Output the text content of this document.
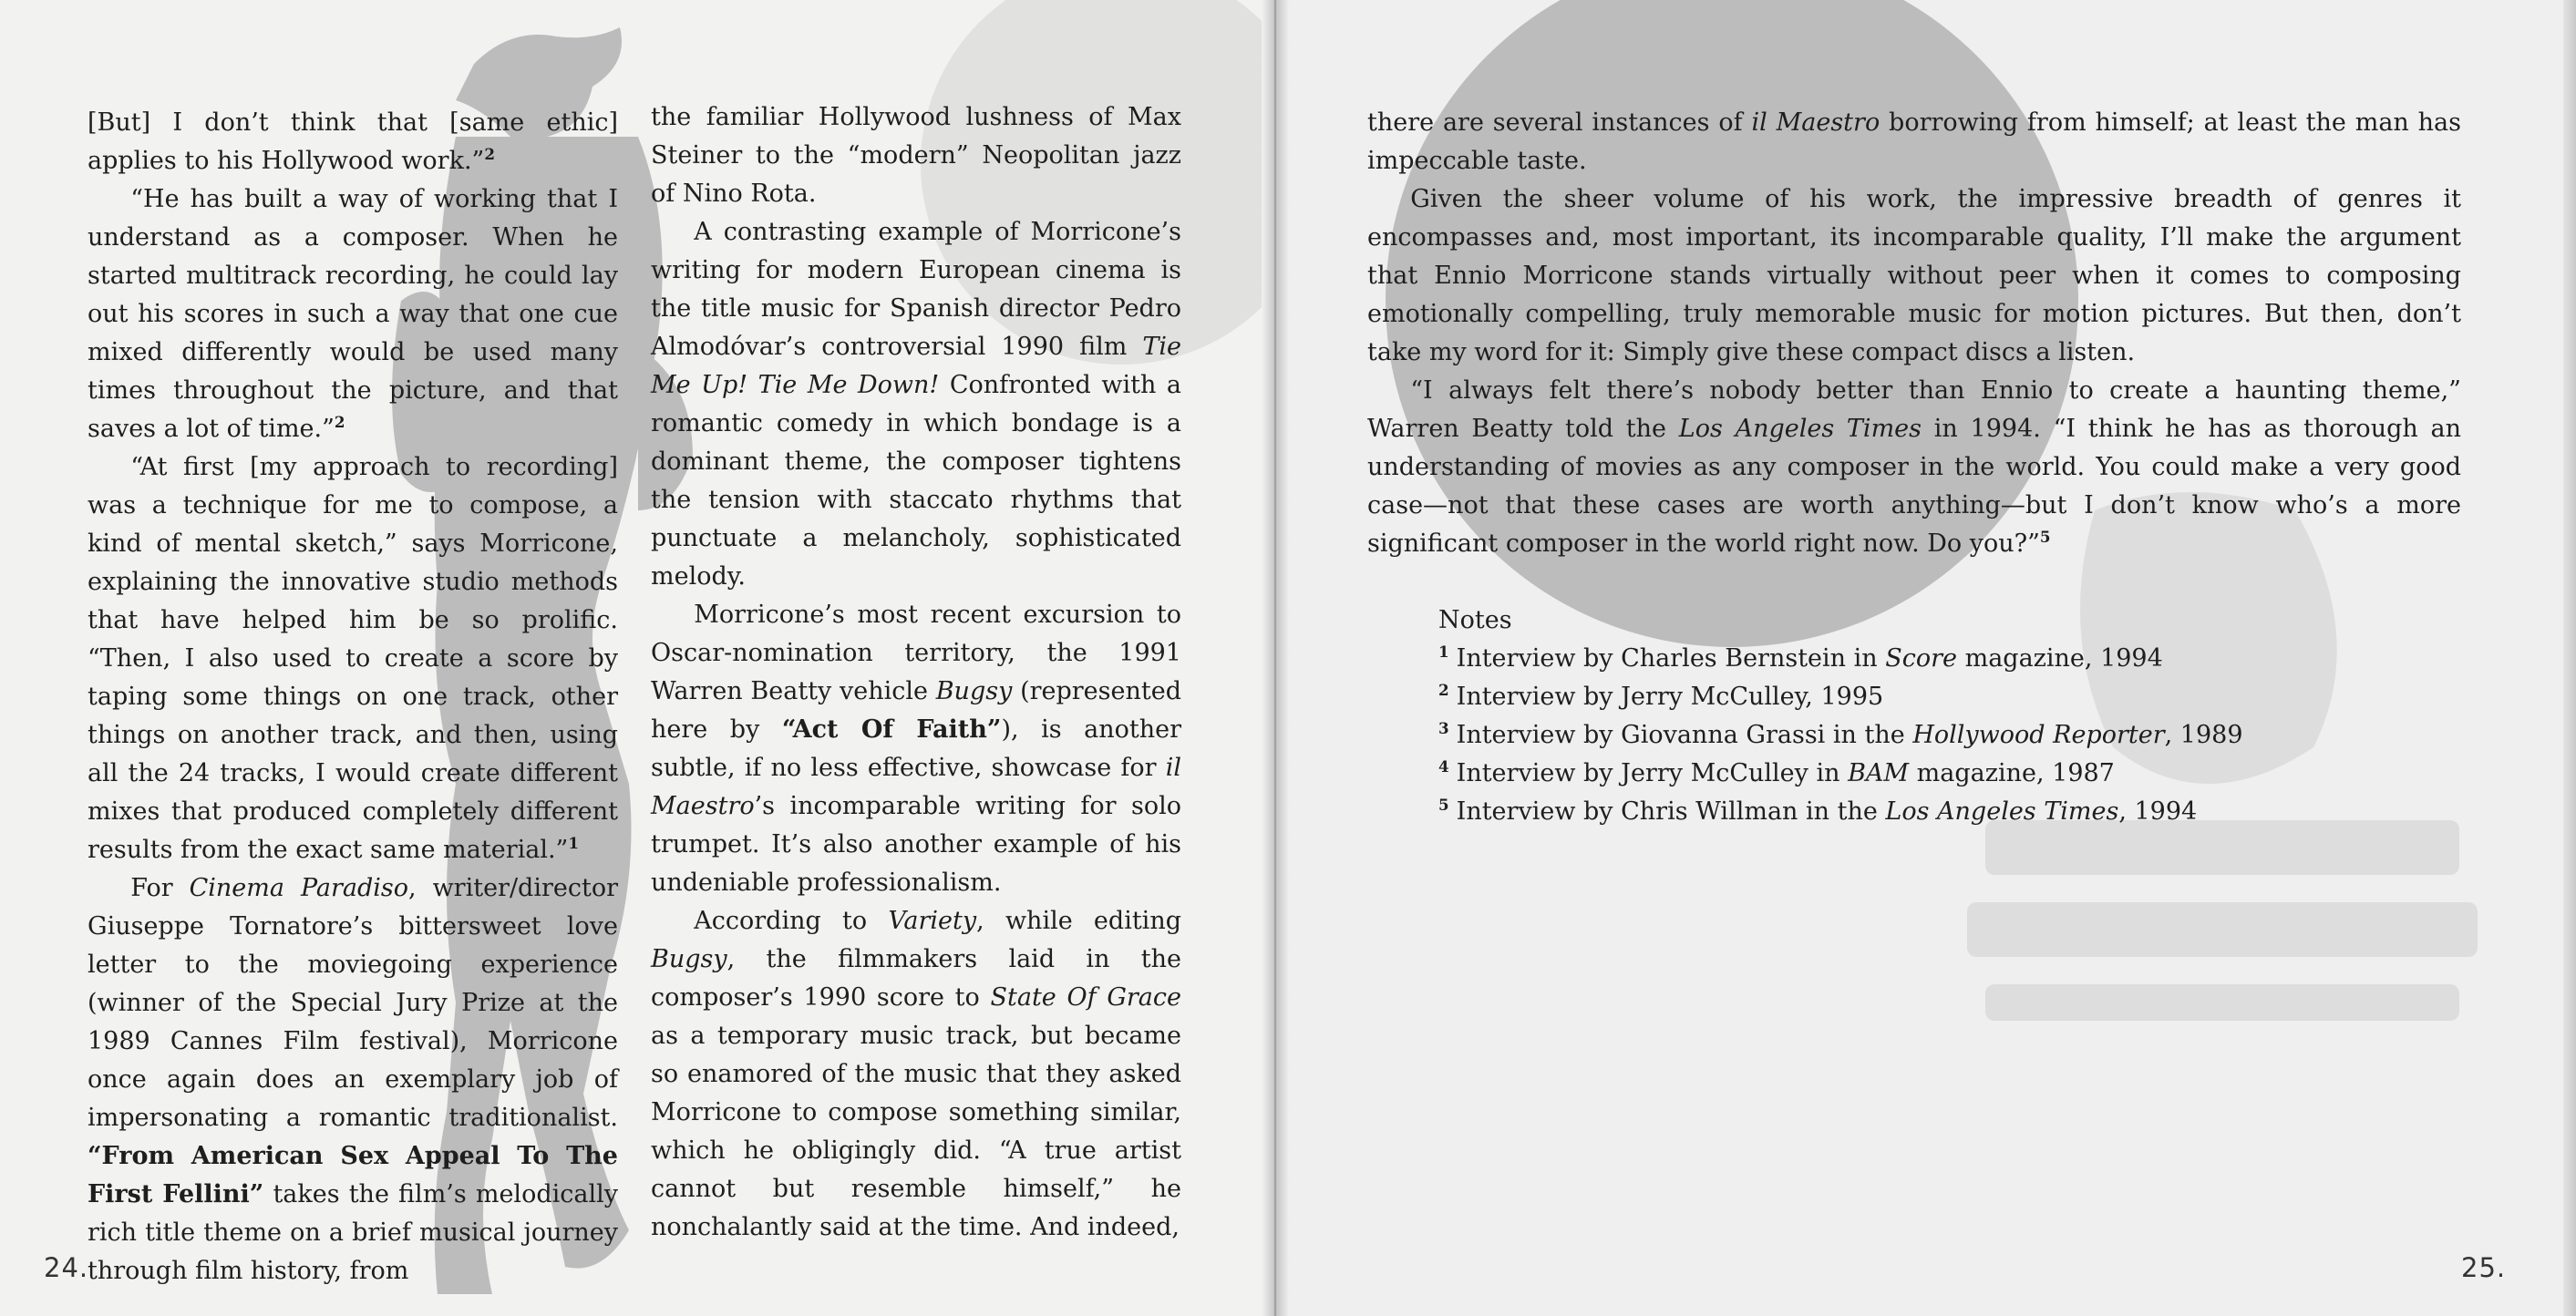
[But] I don’t think that [same ethic] applies to his Hollywood work.”$^2$

“He has built a way of working that I understand as a composer. When he started multitrack recording, he could lay out his scores in such a way that one cue mixed differently would be used many times throughout the picture, and that saves a lot of time.”$^2$

“At first [my approach to recording] was a technique for me to compose, a kind of mental sketch,” says Morricone, explaining the innovative studio methods that have helped him be so prolific. “Then, I also used to create a score by taping some things on one track, other things on another track, and then, using all the 24 tracks, I would create different mixes that produced completely different results from the exact same material.”$^1$

For Cinema Paradiso, writer/director Giuseppe Tornatore’s bittersweet love letter to the moviegoing experience (winner of the Special Jury Prize at the 1989 Cannes Film festival), Morricone once again does an exemplary job of impersonating a romantic traditionalist. “From American Sex Appeal To The First Fellini” takes the film’s melodically rich title theme on a brief musical journey through film history, from

the familiar Hollywood lushness of Max Steiner to the “modern” Neopolitan jazz of Nino Rota.

A contrasting example of Morricone’s writing for modern European cinema is the title music for Spanish director Pedro Almodóvar’s controversial 1990 film Tie Me Up! Tie Me Down! Confronted with a romantic comedy in which bondage is a dominant theme, the composer tightens the tension with staccato rhythms that punctuate a melancholy, sophisticated melody.

Morricone’s most recent excursion to Oscar-nomination territory, the 1991 Warren Beatty vehicle Bugsy (represented here by “Act Of Faith”), is another subtle, if no less effective, showcase for il Maestro’s incomparable writing for solo trumpet. It’s also another example of his undeniable professionalism.

According to Variety, while editing Bugsy, the filmmakers laid in the composer’s 1990 score to State Of Grace as a temporary music track, but became so enamored of the music that they asked Morricone to compose something similar, which he obligingly did. “A true artist cannot but resemble himself,” he nonchalantly said at the time. And indeed,

24.

there are several instances of il Maestro borrowing from himself; at least the man has impeccable taste.

Given the sheer volume of his work, the impressive breadth of genres it encompasses and, most important, its incomparable quality, I’ll make the argument that Ennio Morricone stands virtually without peer when it comes to composing emotionally compelling, truly memorable music for motion pictures. But then, don’t take my word for it: Simply give these compact discs a listen.

“I always felt there’s nobody better than Ennio to create a haunting theme,” Warren Beatty told the Los Angeles Times in 1994. “I think he has as thorough an understanding of movies as any composer in the world. You could make a very good case—not that these cases are worth anything—but I don’t know who’s a more significant composer in the world right now. Do you?”$^5$

Notes

$^1$ Interview by Charles Bernstein in Score magazine, 1994

$^2$ Interview by Jerry McCulley, 1995

$^3$ Interview by Giovanna Grassi in the Hollywood Reporter, 1989

$^4$ Interview by Jerry McCulley in BAM magazine, 1987

$^5$ Interview by Chris Willman in the Los Angeles Times, 1994

25.
